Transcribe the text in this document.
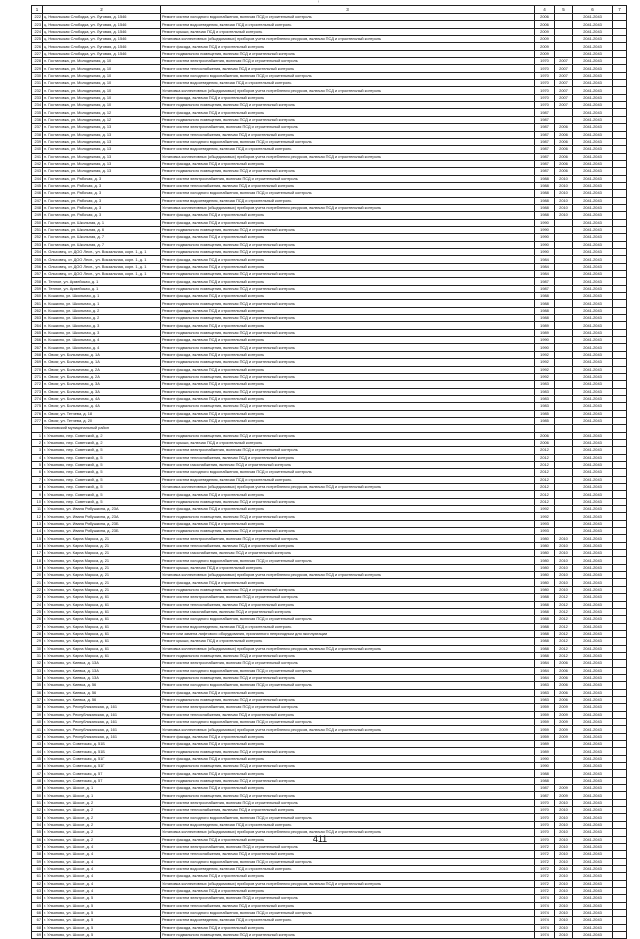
ⁱ
1	2	3	4	5	6	7
222	ц. Никольская Слободка, ул. Луговая, д. 1546	Ремонт систем холодного водоснабжения, включая ПСД и строительный контроль	2006		2041-2043	
223	ц. Никольская Слободка, ул. Луговая, д. 1546	Ремонт систем водоотведения, включая ПСД и строительный контроль	2006		2041-2043	
224	ц. Никольская Слободка, ул. Луговая, д. 1546	Ремонт крыши, включая ПСД и строительный контроль	2009		2041-2043	
225	ц. Никольская Слободка, ул. Луговая, д. 1546	Установка коллективных (общедомовых) приборов учета потребления ресурсов, включая ПСД и строительный контроль	2009		2041-2043	
226	ц. Никольская Слободка, ул. Луговая, д. 1546	Ремонт фасада, включая ПСД и строительный контроль	2009		2041-2043	
227	ц. Никольская Слободка, ул. Луговая, д. 1546	Ремонт подвального помещения, включая ПСД и строительный контроль	2009		2041-2043	
228	п. Гостиловка, ул. Молодежная, д. 10	Ремонт систем электроснабжения, включая ПСД и строительный контроль	1970	2007	2041-2043	
229	п. Гостиловка, ул. Молодежная, д. 10	Ремонт систем теплоснабжения, включая ПСД и строительный контроль	1970	2007	2041-2043	
230	п. Гостиловка, ул. Молодежная, д. 10	Ремонт систем холодного водоснабжения, включая ПСД и строительный контроль	1970	2007	2041-2043	
231	п. Гостиловка, ул. Молодежная, д. 10	Ремонт систем водоотведения, включая ПСД и строительный контроль	1970	2007	2041-2043	
232	п. Гостиловка, ул. Молодежная, д. 10	Установка коллективных (общедомовых) приборов учета потребления ресурсов, включая ПСД и строительный контроль	1970	2007	2041-2043	
233	п. Гостиловка, ул. Молодежная, д. 10	Ремонт фасада, включая ПСД и строительный контроль	1970	2007	2041-2043	
234	п. Гостиловка, ул. Молодежная, д. 10	Ремонт подвального помещения, включая ПСД и строительный контроль	1970	2007	2041-2043	
235	п. Гостиловка, ул. Молодежная, д. 12	Ремонт фасада, включая ПСД и строительный контроль	1987		2041-2043	
236	п. Гостиловка, ул. Молодежная, д. 12	Ремонт подвального помещения, включая ПСД и строительный контроль	1987		2041-2043	
237	п. Гостиловка, ул. Молодежная, д. 13	Ремонт систем электроснабжения, включая ПСД и строительный контроль	1987	2006	2041-2043	
238	п. Гостиловка, ул. Молодежная, д. 13	Ремонт систем теплоснабжения, включая ПСД и строительный контроль	1987	2006	2041-2043	
239	п. Гостиловка, ул. Молодежная, д. 13	Ремонт систем холодного водоснабжения, включая ПСД и строительный контроль	1987	2006	2041-2043	
240	п. Гостиловка, ул. Молодежная, д. 13	Ремонт систем водоотведения, включая ПСД и строительный контроль	1987	2006	2041-2043	
241	п. Гостиловка, ул. Молодежная, д. 13	Установка коллективных (общедомовых) приборов учета потребления ресурсов, включая ПСД и строительный контроль	1987	2006	2041-2043	
242	п. Гостиловка, ул. Молодежная, д. 13	Ремонт фасада, включая ПСД и строительный контроль	1987	2006	2041-2043	
243	п. Гостиловка, ул. Молодежная, д. 13	Ремонт подвального помещения, включая ПСД и строительный контроль	1987	2006	2041-2043	
244	п. Гостиловка, ул. Рабочая, д. 3	Ремонт систем электроснабжения, включая ПСД и строительный контроль	1988	2010	2041-2043	
245	п. Гостиловка, ул. Рабочая, д. 3	Ремонт систем теплоснабжения, включая ПСД и строительный контроль	1988	2010	2041-2043	
246	п. Гостиловка, ул. Рабочая, д. 3	Ремонт систем холодного водоснабжения, включая ПСД и строительный контроль	1988	2010	2041-2043	
247	п. Гостиловка, ул. Рабочая, д. 3	Ремонт систем водоотведения, включая ПСД и строительный контроль	1988	2010	2041-2043	
248	п. Гостиловка, ул. Рабочая, д. 3	Установка коллективных (общедомовых) приборов учета потребления ресурсов, включая ПСД и строительный контроль	1988	2010	2041-2043	
249	п. Гостиловка, ул. Рабочая, д. 3	Ремонт фасада, включая ПСД и строительный контроль	1988	2010	2041-2043	
250	п. Гостиловка, ул. Школьная, д. 1	Ремонт фасада, включая ПСД и строительный контроль	1990		2041-2043	
251	п. Гостиловка, ул. Школьная, д. 6	Ремонт подвального помещения, включая ПСД и строительный контроль	1990		2041-2043	
252	п. Гостиловка, ул. Школьная, д. 7	Ремонт фасада, включая ПСД и строительный контроль	1990		2041-2043	
253	п. Гостиловка, ул. Школьная, д. 7	Ремонт подвального помещения, включая ПСД и строительный контроль	1990		2041-2043	
254	п. Ольховец, ст. ДОО Лесн., ул. Вокзальная, корп. 1, д. 1	Ремонт подвального помещения, включая ПСД и строительный контроль	1990		2041-2043	
255	п. Ольховец, ст. ДОО Лесн., ул. Вокзальная, корп. 1, д. 1	Ремонт фасада, включая ПСД и строительный контроль	1984		2041-2043	
256	п. Ольховец, ст. ДОО Лесн., ул. Вокзальная, корп. 1, д. 1	Ремонт фасада, включая ПСД и строительный контроль	1984		2041-2043	
257	п. Ольховец, ст. ДОО Лесн., ул. Вокзальная, корп. 1, д. 1	Ремонт подвального помещения, включая ПСД и строительный контроль	1984		2041-2043	
258	п. Теплое, ул. Армейская, д. 1	Ремонт фасада, включая ПСД и строительный контроль	1987		2041-2043	
259	п. Теплое, ул. Армейская, д. 1	Ремонт подвального помещения, включая ПСД и строительный контроль	1987		2041-2043	
260	п. Кошкино, ул. Школьная, д. 1	Ремонт фасада, включая ПСД и строительный контроль	1988		2041-2043	
261	п. Кошкино, ул. Школьная, д. 1	Ремонт подвального помещения, включая ПСД и строительный контроль	1988		2041-2043	
262	п. Кошкино, ул. Школьная, д. 2	Ремонт фасада, включая ПСД и строительный контроль	1988		2041-2043	
263	п. Кошкино, ул. Школьная, д. 2	Ремонт подвального помещения, включая ПСД и строительный контроль	1988		2041-2043	
264	п. Кошкино, ул. Школьная, д. 3	Ремонт фасада, включая ПСД и строительный контроль	1989		2041-2043	
265	п. Кошкино, ул. Школьная, д. 3	Ремонт подвального помещения, включая ПСД и строительный контроль	1989		2041-2043	
266	п. Кошкино, ул. Школьная, д. 4	Ремонт фасада, включая ПСД и строительный контроль	1990		2041-2043	
267	п. Кошкино, ул. Школьная, д. 4	Ремонт подвального помещения, включая ПСД и строительный контроль	1990		2041-2043	
268	п. Овсяг, ул. Больничная, д. 1А	Ремонт фасада, включая ПСД и строительный контроль	1992		2041-2043	
269	п. Овсяг, ул. Больничная, д. 1А	Ремонт подвального помещения, включая ПСД и строительный контроль	1992		2041-2043	
270	п. Овсяг, ул. Больничная, д. 2А	Ремонт фасада, включая ПСД и строительный контроль	1992		2041-2043	
271	п. Овсяг, ул. Больничная, д. 2А	Ремонт подвального помещения, включая ПСД и строительный контроль	1992		2041-2043	
272	п. Овсяг, ул. Больничная, д. 3А	Ремонт фасада, включая ПСД и строительный контроль	1983		2041-2043	
273	п. Овсяг, ул. Больничная, д. 3А	Ремонт подвального помещения, включая ПСД и строительный контроль	1983		2041-2043	
274	п. Овсяг, ул. Больничная, д. 4А	Ремонт фасада, включая ПСД и строительный контроль	1983		2041-2043	
275	п. Овсяг, ул. Больничная, д. 4А	Ремонт подвального помещения, включая ПСД и строительный контроль	1983		2041-2043	
276	п. Овсяг, ул. Тетчева, д. 18	Ремонт фасада, включая ПСД и строительный контроль	1985		2041-2043	
277	п. Овсяг, ул. Тетчева, д. 20	Ремонт фасада, включая ПСД и строительный контроль	1985		2041-2043	
	Ульяновский муниципальный район					
1	г. Ульяново, пер. Советский, д. 2	Ремонт подвального помещения, включая ПСД и строительный контроль	2006		2041-2043	
2	г. Ульяново, пер. Советский, д. 2	Ремонт крыши, включая ПСД и строительный контроль	2006		2041-2043	
3	г. Ульяново, пер. Советский, д. 5	Ремонт систем электроснабжения, включая ПСД и строительный контроль	2012		2041-2043	
4	г. Ульяново, пер. Советский, д. 5	Ремонт систем теплоснабжения, включая ПСД и строительный контроль	2012		2041-2043	
5	г. Ульяново, пер. Советский, д. 5	Ремонт систем газоснабжения, включая ПСД и строительный контроль	2012		2041-2043	
6	г. Ульяново, пер. Советский, д. 5	Ремонт систем холодного водоснабжения, включая ПСД и строительный контроль	2012		2041-2043	
7	г. Ульяново, пер. Советский, д. 5	Ремонт систем водоотведения, включая ПСД и строительный контроль	2012		2041-2043	
8	г. Ульяново, пер. Советский, д. 5	Установка коллективных (общедомовых) приборов учета потребления ресурсов, включая ПСД и строительный контроль	2012		2041-2043	
9	г. Ульяново, пер. Советский, д. 5	Ремонт фасада, включая ПСД и строительный контроль	2012		2041-2043	
10	г. Ульяново, пер. Советский, д. 5	Ремонт подвального помещения, включая ПСД и строительный контроль	2012		2041-2043	
11	г. Ульяново, ул. Ивана Рябушкина, д. 23А	Ремонт фасада, включая ПСД и строительный контроль	1992		2041-2043	
12	г. Ульяново, ул. Ивана Рябушкина, д. 23А	Ремонт подвального помещения, включая ПСД и строительный контроль	1992		2041-2043	
13	г. Ульяново, ул. Ивана Рябушкина, д. 23Б	Ремонт фасада, включая ПСД и строительный контроль	1993		2041-2043	
14	г. Ульяново, ул. Ивана Рябушкина, д. 23Б	Ремонт подвального помещения, включая ПСД и строительный контроль	1993		2041-2043	
15	г. Ульяново, ул. Карла Маркса, д. 21	Ремонт систем электроснабжения, включая ПСД и строительный контроль	1980	2010	2041-2043	
16	г. Ульяново, ул. Карла Маркса, д. 21	Ремонт систем теплоснабжения, включая ПСД и строительный контроль	1980	2010	2041-2043	
17	г. Ульяново, ул. Карла Маркса, д. 21	Ремонт систем газоснабжения, включая ПСД и строительный контроль	1980	2010	2041-2043	
18	г. Ульяново, ул. Карла Маркса, д. 21	Ремонт систем холодного водоснабжения, включая ПСД и строительный контроль	1980	2010	2041-2043	
19	г. Ульяново, ул. Карла Маркса, д. 21	Ремонт крыши, включая ПСД и строительный контроль	1980	2010	2041-2043	
20	г. Ульяново, ул. Карла Маркса, д. 21	Установка коллективных (общедомовых) приборов учета потребления ресурсов, включая ПСД и строительный контроль	1980	2010	2041-2043	
21	г. Ульяново, ул. Карла Маркса, д. 21	Ремонт фасада, включая ПСД и строительный контроль	1980	2010	2041-2043	
22	г. Ульяново, ул. Карла Маркса, д. 21	Ремонт подвального помещения, включая ПСД и строительный контроль	1980	2010	2041-2043	
23	г. Ульяново, ул. Карла Маркса, д. 61	Ремонт систем электроснабжения, включая ПСД и строительный контроль	1988	2012	2041-2043	
24	г. Ульяново, ул. Карла Маркса, д. 61	Ремонт систем теплоснабжения, включая ПСД и строительный контроль	1988	2012	2041-2043	
25	г. Ульяново, ул. Карла Маркса, д. 61	Ремонт систем газоснабжения, включая ПСД и строительный контроль	1988	2012	2041-2043	
26	г. Ульяново, ул. Карла Маркса, д. 61	Ремонт систем холодного водоснабжения, включая ПСД и строительный контроль	1988	2012	2041-2043	
27	г. Ульяново, ул. Карла Маркса, д. 61	Ремонт систем водоотведения, включая ПСД и строительный контроль	1988	2012	2041-2043	
28	г. Ульяново, ул. Карла Маркса, д. 61	Ремонт или замена лифтового оборудования, признанного непригодным для эксплуатации	1988	2012	2041-2043	
29	г. Ульяново, ул. Карла Маркса, д. 61	Ремонт крыши, включая ПСД и строительный контроль	1988	2012	2041-2043	
30	г. Ульяново, ул. Карла Маркса, д. 61	Установка коллективных (общедомовых) приборов учета потребления ресурсов, включая ПСД и строительный контроль	1988	2012	2041-2043	
31	г. Ульяново, ул. Карла Маркса, д. 61	Ремонт подвального помещения, включая ПСД и строительный контроль	1988	2012	2041-2043	
32	г. Ульяново, ул. Киевка, д. 13А	Ремонт систем электроснабжения, включая ПСД и строительный контроль	1984	2006	2041-2043	
33	г. Ульяново, ул. Киевка, д. 13А	Ремонт систем холодного водоснабжения, включая ПСД и строительный контроль	1984	2006	2041-2043	
34	г. Ульяново, ул. Киевка, д. 13А	Ремонт подвального помещения, включая ПСД и строительный контроль	1984	2006	2041-2043	
35	г. Ульяново, ул. Киевка, д. 56	Ремонт систем холодного водоснабжения, включая ПСД и строительный контроль	1983	2006	2041-2043	
36	г. Ульяново, ул. Киевка, д. 56	Ремонт фасада, включая ПСД и строительный контроль	1983	2006	2041-2043	
37	г. Ульяново, ул. Киевка, д. 56	Ремонт подвального помещения, включая ПСД и строительный контроль	1983	2006	2041-2043	
38	г. Ульяново, ул. Республиканская, д. 161	Ремонт систем электроснабжения, включая ПСД и строительный контроль	1959	2009	2041-2043	
39	г. Ульяново, ул. Республиканская, д. 161	Ремонт систем теплоснабжения, включая ПСД и строительный контроль	1959	2009	2041-2043	
40	г. Ульяново, ул. Республиканская, д. 161	Ремонт систем холодного водоснабжения, включая ПСД и строительный контроль	1959	2009	2041-2043	
41	г. Ульяново, ул. Республиканская, д. 161	Установка коллективных (общедомовых) приборов учета потребления ресурсов, включая ПСД и строительный контроль	1959	2009	2041-2043	
42	г. Ульяново, ул. Республиканская, д. 161	Ремонт фасада, включая ПСД и строительный контроль	1959	2009	2041-2043	
43	г. Ульяново, ул. Советская, д. 51Б	Ремонт фасада, включая ПСД и строительный контроль	1989		2041-2043	
44	г. Ульяново, ул. Советская, д. 51Б	Ремонт подвального помещения, включая ПСД и строительный контроль	1989		2041-2043	
45	г. Ульяново, ул. Советская, д. 51Г	Ремонт фасада, включая ПСД и строительный контроль	1990		2041-2043	
46	г. Ульяново, ул. Советская, д. 51Г	Ремонт подвального помещения, включая ПСД и строительный контроль	1990		2041-2043	
47	г. Ульяново, ул. Советская, д. 57	Ремонт фасада, включая ПСД и строительный контроль	1988		2041-2043	
48	г. Ульяново, ул. Советская, д. 57	Ремонт подвального помещения, включая ПСД и строительный контроль	1988		2041-2043	
49	г. Ульяново, ул. Шоссе, д. 1	Ремонт фасада, включая ПСД и строительный контроль	1987	2009	2041-2043	
50	г. Ульяново, ул. Шоссе, д. 1	Ремонт подвального помещения, включая ПСД и строительный контроль	1987	2009	2041-2043	
51	г. Ульяново, ул. Шоссе, д. 2	Ремонт систем электроснабжения, включая ПСД и строительный контроль	1970	2010	2041-2043	
52	г. Ульяново, ул. Шоссе, д. 2	Ремонт систем теплоснабжения, включая ПСД и строительный контроль	1970	2010	2041-2043	
53	г. Ульяново, ул. Шоссе, д. 2	Ремонт систем холодного водоснабжения, включая ПСД и строительный контроль	1970	2010	2041-2043	
54	г. Ульяново, ул. Шоссе, д. 2	Ремонт систем водоотведения, включая ПСД и строительный контроль	1970	2010	2041-2043	
55	г. Ульяново, ул. Шоссе, д. 2	Установка коллективных (общедомовых) приборов учета потребления ресурсов, включая ПСД и строительный контроль	1970	2010	2041-2043	
56	г. Ульяново, ул. Шоссе, д. 2	Ремонт фасада, включая ПСД и строительный контроль	1970	2010	2041-2043	
57	г. Ульяново, ул. Шоссе, д. 4	Ремонт систем электроснабжения, включая ПСД и строительный контроль	1972	2010	2041-2043	
58	г. Ульяново, ул. Шоссе, д. 4	Ремонт систем теплоснабжения, включая ПСД и строительный контроль	1972	2010	2041-2043	
59	г. Ульяново, ул. Шоссе, д. 4	Ремонт систем холодного водоснабжения, включая ПСД и строительный контроль	1972	2010	2041-2043	
60	г. Ульяново, ул. Шоссе, д. 4	Ремонт систем водоотведения, включая ПСД и строительный контроль	1972	2010	2041-2043	
61	г. Ульяново, ул. Шоссе, д. 4	Ремонт фасада, включая ПСД и строительный контроль	1972	2010	2041-2043	
62	г. Ульяново, ул. Шоссе, д. 4	Установка коллективных (общедомовых) приборов учета потребления ресурсов, включая ПСД и строительный контроль	1972	2010	2041-2043	
63	г. Ульяново, ул. Шоссе, д. 4	Ремонт фасада, включая ПСД и строительный контроль	1972	2010	2041-2043	
64	г. Ульяново, ул. Шоссе, д. 5	Ремонт систем электроснабжения, включая ПСД и строительный контроль	1974	2010	2041-2043	
65	г. Ульяново, ул. Шоссе, д. 5	Ремонт систем теплоснабжения, включая ПСД и строительный контроль	1974	2010	2041-2043	
66	г. Ульяново, ул. Шоссе, д. 5	Ремонт систем холодного водоснабжения, включая ПСД и строительный контроль	1974	2010	2041-2043	
67	г. Ульяново, ул. Шоссе, д. 5	Ремонт систем водоотведения, включая ПСД и строительный контроль	1974	2010	2041-2043	
68	г. Ульяново, ул. Шоссе, д. 5	Ремонт фасада, включая ПСД и строительный контроль	1974	2010	2041-2043	
69	г. Ульяново, ул. Шоссе, д. 5	Ремонт подвального помещения, включая ПСД и строительный контроль	1974	2010	2041-2043	
411
